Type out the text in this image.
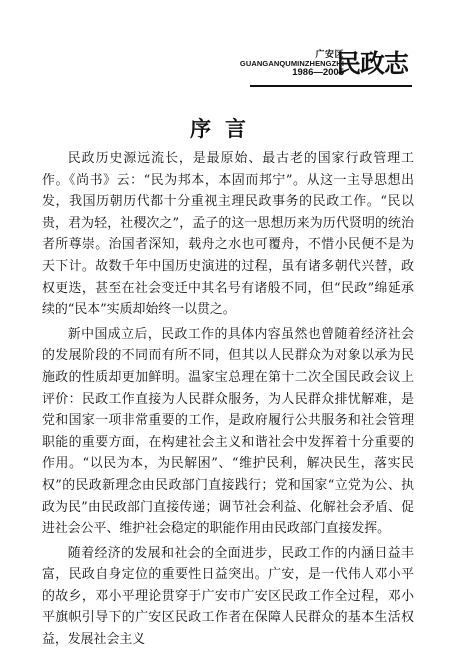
广安区
GUANGANQUMINZHENGZHI
1986—2005
民政志
序言

民政历史源远流长，是最原始、最古老的国家行政管理工作。《尚书》云：“民为邦本，本固而邦宁”。从这一主导思想出发，我国历朝历代都十分重视主理民政事务的民政工作。“民以贵，君为轻，社稷次之”，孟子的这一思想历来为历代贤明的统治者所尊崇。治国者深知，载舟之水也可覆舟，不惜小民便不是为天下计。故数千年中国历史演进的过程，虽有诸多朝代兴替，政权更迭，甚至在社会变迁中其名号有诸般不同，但“民政”绵延承续的“民本”实质却始终一以贯之。

新中国成立后，民政工作的具体内容虽然也曾随着经济社会的发展阶段的不同而有所不同，但其以人民群众为对象以承为民施政的性质却更加鲜明。温家宝总理在第十二次全国民政会议上评价：民政工作直接为人民群众服务，为人民群众排忧解难，是党和国家一项非常重要的工作，是政府履行公共服务和社会管理职能的重要方面，在构建社会主义和谐社会中发挥着十分重要的作用。“以民为本，为民解困”、“维护民利，解决民生，落实民权”的民政新理念由民政部门直接践行；党和国家“立党为公、执政为民”由民政部门直接传递；调节社会利益、化解社会矛盾、促进社会公平、维护社会稳定的职能作用由民政部门直接发挥。

随着经济的发展和社会的全面进步，民政工作的内涵日益丰富，民政自身定位的重要性日益突出。广安，是一代伟人邓小平的故乡，邓小平理论贯穿于广安市广安区民政工作全过程，邓小平旗帜引导下的广安区民政工作者在保障人民群众的基本生活权益，发展社会主义
